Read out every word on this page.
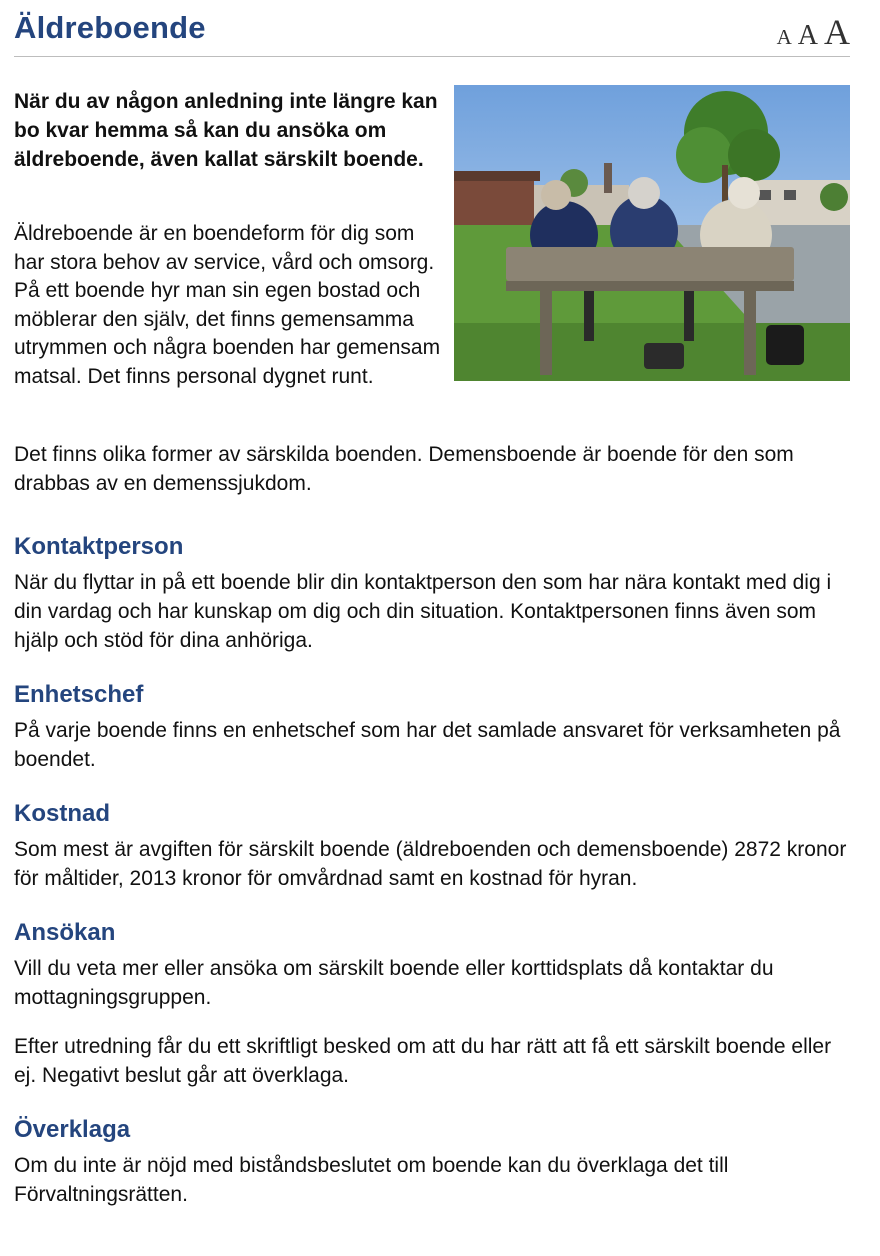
Äldreboende	A A A

När du av någon anledning inte längre kan bo kvar hemma så kan du ansöka om äldreboende, även kallat särskilt boende.

Äldreboende är en boendeform för dig som har stora behov av service, vård och omsorg. På ett boende hyr man sin egen bostad och möblerar den själv, det finns gemensamma utrymmen och några boenden har gemensam matsal. Det finns personal dygnet runt.

Det finns olika former av särskilda boenden. Demensboende är boende för den som drabbas av en demenssjukdom.

Kontaktperson

När du flyttar in på ett boende blir din kontaktperson den som har nära kontakt med dig i din vardag och har kunskap om dig och din situation. Kontaktpersonen finns även som hjälp och stöd för dina anhöriga.

Enhetschef

På varje boende finns en enhetschef som har det samlade ansvaret för verksamheten på boendet.

Kostnad

Som mest är avgiften för särskilt boende (äldreboenden och demensboende) 2872 kronor för måltider, 2013 kronor för omvårdnad samt en kostnad för hyran.

Ansökan

Vill du veta mer eller ansöka om särskilt boende eller korttidsplats då kontaktar du mottagningsgruppen.

Efter utredning får du ett skriftligt besked om att du har rätt att få ett särskilt boende eller ej. Negativt beslut går att överklaga.

Överklaga

Om du inte är nöjd med biståndsbeslutet om boende kan du överklaga det till Förvaltningsrätten.
